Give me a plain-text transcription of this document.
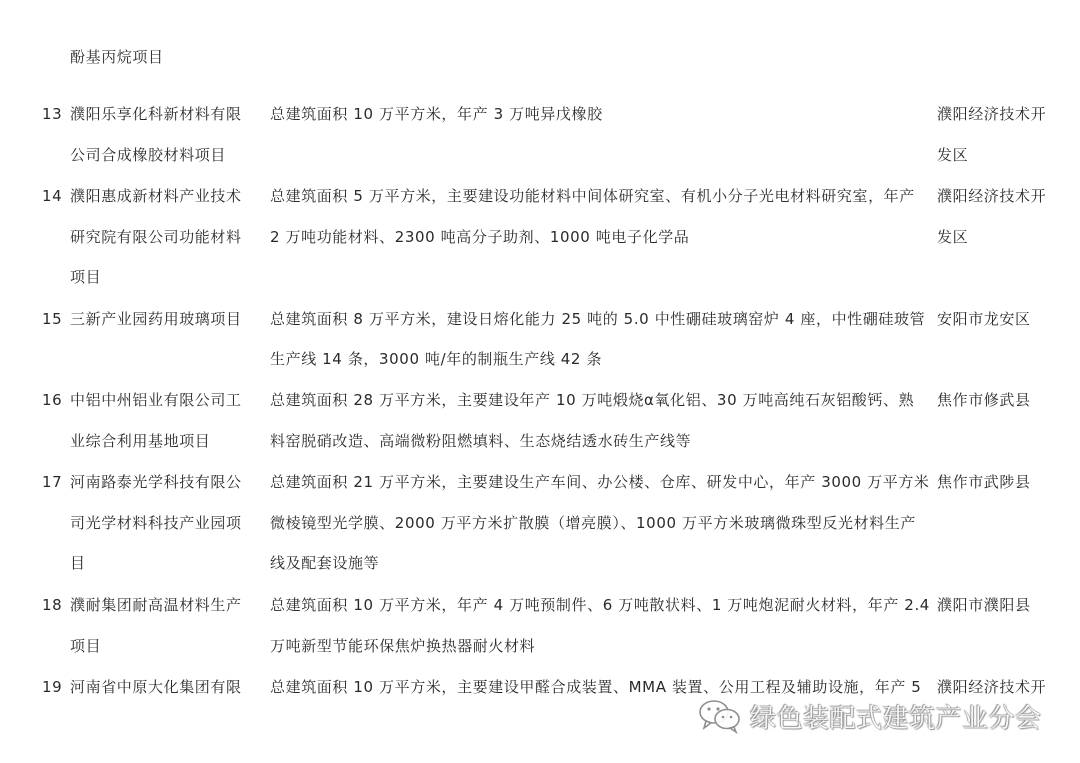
酚基丙烷项目
13 濮阳乐享化科新材料有限
公司合成橡胶材料项目
总建筑面积 10 万平方米，年产 3 万吨异戊橡胶	濮阳经济技术开
发区
14 濮阳惠成新材料产业技术
研究院有限公司功能材料
项目
总建筑面积 5 万平方米，主要建设功能材料中间体研究室、有机小分子光电材料研究室，年产
2 万吨功能材料、2300 吨高分子助剂、1000 吨电子化学品
濮阳经济技术开
发区
15 三新产业园药用玻璃项目 总建筑面积 8 万平方米，建设日熔化能力 25 吨的 5.0 中性硼硅玻璃窑炉 4 座，中性硼硅玻管
生产线 14 条，3000 吨/年的制瓶生产线 42 条
安阳市龙安区
16 中铝中州铝业有限公司工
业综合利用基地项目
总建筑面积 28 万平方米，主要建设年产 10 万吨煅烧α氧化铝、30 万吨高纯石灰铝酸钙、熟
料窑脱硝改造、高端微粉阻燃填料、生态烧结透水砖生产线等
焦作市修武县
17 河南路泰光学科技有限公
司光学材料科技产业园项
目
总建筑面积 21 万平方米，主要建设生产车间、办公楼、仓库、研发中心，年产 3000 万平方米
微棱镜型光学膜、2000 万平方米扩散膜（增亮膜）、1000 万平方米玻璃微珠型反光材料生产
线及配套设施等
焦作市武陟县
18 濮耐集团耐高温材料生产
项目
总建筑面积 10 万平方米，年产 4 万吨预制件、6 万吨散状料、1 万吨炮泥耐火材料，年产 2.4
万吨新型节能环保焦炉换热器耐火材料
濮阳市濮阳县
19 河南省中原大化集团有限 总建筑面积 10 万平方米，主要建设甲醛合成装置、MMA 装置、公用工程及辅助设施，年产 5 濮阳经济技术开
绿色装配式建筑产业分会
